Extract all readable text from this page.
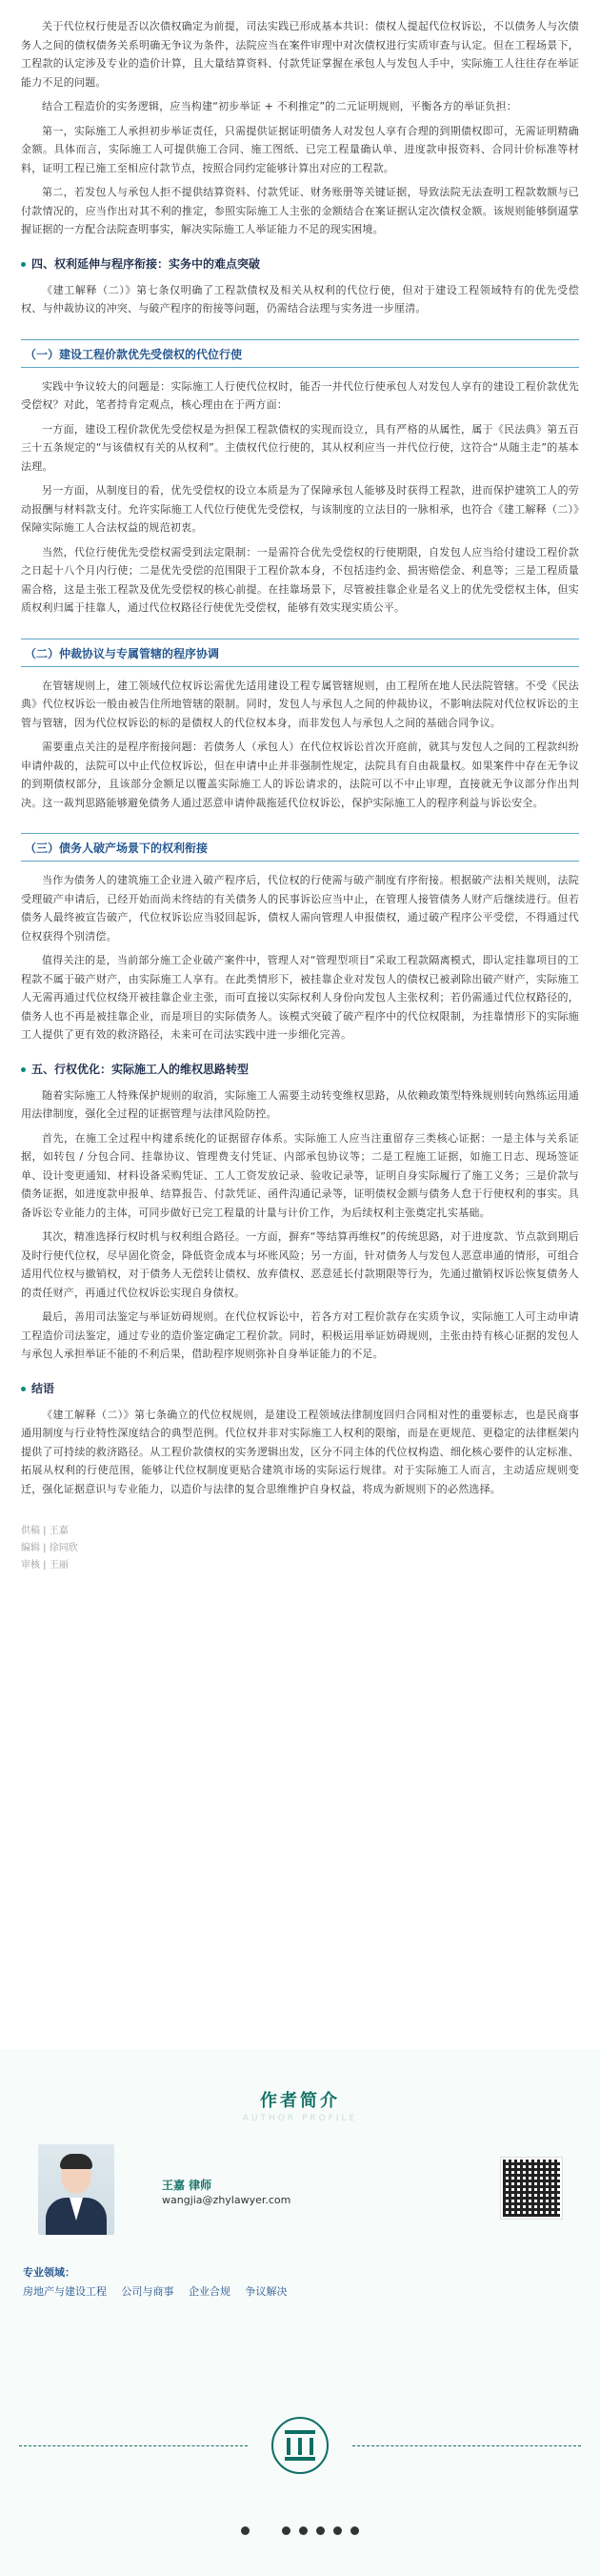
关于代位权行使是否以次债权确定为前提，司法实践已形成基本共识：债权人提起代位权诉讼，不以债务人与次债务人之间的债权债务关系明确无争议为条件，法院应当在案件审理中对次债权进行实质审查与认定。但在工程场景下，工程款的认定涉及专业的造价计算，且大量结算资料、付款凭证掌握在承包人与发包人手中，实际施工人往往存在举证能力不足的问题。

结合工程造价的实务逻辑，应当构建“初步举证 + 不利推定”的二元证明规则，平衡各方的举证负担：

第一，实际施工人承担初步举证责任，只需提供证据证明债务人对发包人享有合理的到期债权即可，无需证明精确金额。具体而言，实际施工人可提供施工合同、施工图纸、已完工程量确认单、进度款申报资料、合同计价标准等材料，证明工程已施工至相应付款节点，按照合同约定能够计算出对应的工程款。

第二，若发包人与承包人拒不提供结算资料、付款凭证、财务账册等关键证据，导致法院无法查明工程款数额与已付款情况的，应当作出对其不利的推定，参照实际施工人主张的金额结合在案证据认定次债权金额。该规则能够倒逼掌握证据的一方配合法院查明事实，解决实际施工人举证能力不足的现实困境。

四、权利延伸与程序衔接：实务中的难点突破

《建工解释（二）》第七条仅明确了工程款债权及相关从权利的代位行使，但对于建设工程领域特有的优先受偿权、与仲裁协议的冲突、与破产程序的衔接等问题，仍需结合法理与实务进一步厘清。

（一）建设工程价款优先受偿权的代位行使

实践中争议较大的问题是：实际施工人行使代位权时，能否一并代位行使承包人对发包人享有的建设工程价款优先受偿权？对此，笔者持肯定观点，核心理由在于两方面：

一方面，建设工程价款优先受偿权是为担保工程款债权的实现而设立，具有严格的从属性，属于《民法典》第五百三十五条规定的“与该债权有关的从权利”。主债权代位行使的，其从权利应当一并代位行使，这符合“从随主走”的基本法理。

另一方面，从制度目的看，优先受偿权的设立本质是为了保障承包人能够及时获得工程款，进而保护建筑工人的劳动报酬与材料款支付。允许实际施工人代位行使优先受偿权，与该制度的立法目的一脉相承，也符合《建工解释（二）》保障实际施工人合法权益的规范初衷。

当然，代位行使优先受偿权需受到法定限制：一是需符合优先受偿权的行使期限，自发包人应当给付建设工程价款之日起十八个月内行使；二是优先受偿的范围限于工程价款本身，不包括违约金、损害赔偿金、利息等；三是工程质量需合格，这是主张工程款及优先受偿权的核心前提。在挂靠场景下，尽管被挂靠企业是名义上的优先受偿权主体，但实质权利归属于挂靠人，通过代位权路径行使优先受偿权，能够有效实现实质公平。

（二）仲裁协议与专属管辖的程序协调

在管辖规则上，建工领域代位权诉讼需优先适用建设工程专属管辖规则，由工程所在地人民法院管辖。不受《民法典》代位权诉讼一般由被告住所地管辖的限制。同时，发包人与承包人之间的仲裁协议，不影响法院对代位权诉讼的主管与管辖，因为代位权诉讼的标的是债权人的代位权本身，而非发包人与承包人之间的基础合同争议。

需要重点关注的是程序衔接问题：若债务人（承包人）在代位权诉讼首次开庭前，就其与发包人之间的工程款纠纷申请仲裁的，法院可以中止代位权诉讼，但在申请中止并非强制性规定，法院具有自由裁量权。如果案件中存在无争议的到期债权部分，且该部分金额足以覆盖实际施工人的诉讼请求的，法院可以不中止审理，直接就无争议部分作出判决。这一裁判思路能够避免债务人通过恶意申请仲裁拖延代位权诉讼，保护实际施工人的程序利益与诉讼安全。

（三）债务人破产场景下的权利衔接

当作为债务人的建筑施工企业进入破产程序后，代位权的行使需与破产制度有序衔接。根据破产法相关规则，法院受理破产申请后，已经开始而尚未终结的有关债务人的民事诉讼应当中止，在管理人接管债务人财产后继续进行。但若债务人最终被宣告破产，代位权诉讼应当驳回起诉，债权人需向管理人申报债权，通过破产程序公平受偿，不得通过代位权获得个别清偿。

值得关注的是，当前部分施工企业破产案件中，管理人对“管理型项目”采取工程款隔离模式，即认定挂靠项目的工程款不属于破产财产，由实际施工人享有。在此类情形下，被挂靠企业对发包人的债权已被剥除出破产财产，实际施工人无需再通过代位权绕开被挂靠企业主张，而可直接以实际权利人身份向发包人主张权利；若仍需通过代位权路径的，债务人也不再是被挂靠企业，而是项目的实际债务人。该模式突破了破产程序中的代位权限制，为挂靠情形下的实际施工人提供了更有效的救济路径，未来可在司法实践中进一步细化完善。

五、行权优化：实际施工人的维权思路转型

随着实际施工人特殊保护规则的取消，实际施工人需要主动转变维权思路，从依赖政策型特殊规则转向熟练运用通用法律制度，强化全过程的证据管理与法律风险防控。

首先，在施工全过程中构建系统化的证据留存体系。实际施工人应当注重留存三类核心证据：一是主体与关系证据，如转包 / 分包合同、挂靠协议、管理费支付凭证、内部承包协议等；二是工程施工证据，如施工日志、现场签证单、设计变更通知、材料设备采购凭证、工人工资发放记录、验收记录等，证明自身实际履行了施工义务；三是价款与债务证据，如进度款申报单、结算报告、付款凭证、函件沟通记录等，证明债权金额与债务人怠于行使权利的事实。具备诉讼专业能力的主体，可同步做好已完工程量的计量与计价工作，为后续权利主张奠定扎实基础。

其次，精准选择行权时机与权利组合路径。一方面，摒弃“等结算再维权”的传统思路，对于进度款、节点款到期后及时行使代位权，尽早固化资金，降低资金成本与坏账风险；另一方面，针对债务人与发包人恶意串通的情形，可组合适用代位权与撤销权，对于债务人无偿转让债权、放弃债权、恶意延长付款期限等行为，先通过撤销权诉讼恢复债务人的责任财产，再通过代位权诉讼实现自身债权。

最后，善用司法鉴定与举证妨碍规则。在代位权诉讼中，若各方对工程价款存在实质争议，实际施工人可主动申请工程造价司法鉴定，通过专业的造价鉴定确定工程价款。同时，积极运用举证妨碍规则，主张由持有核心证据的发包人与承包人承担举证不能的不利后果，借助程序规则弥补自身举证能力的不足。

结语

《建工解释（二）》第七条确立的代位权规则，是建设工程领域法律制度回归合同相对性的重要标志，也是民商事通用制度与行业特性深度结合的典型范例。代位权并非对实际施工人权利的限缩，而是在更规范、更稳定的法律框架内提供了可持续的救济路径。从工程价款债权的实务逻辑出发，区分不同主体的代位权构造、细化核心要件的认定标准、拓展从权利的行使范围，能够让代位权制度更贴合建筑市场的实际运行规律。对于实际施工人而言，主动适应规则变迁，强化证据意识与专业能力，以造价与法律的复合思维维护自身权益，将成为新规则下的必然选择。

供稿 | 王嘉
编辑 | 徐同欣
审核 | 王丽
作者简介
AUTHOR PROFILE
王嘉 律师
wangjia@zhylawyer.com
专业领域：
房地产与建设工程 公司与商事 企业合规 争议解决
